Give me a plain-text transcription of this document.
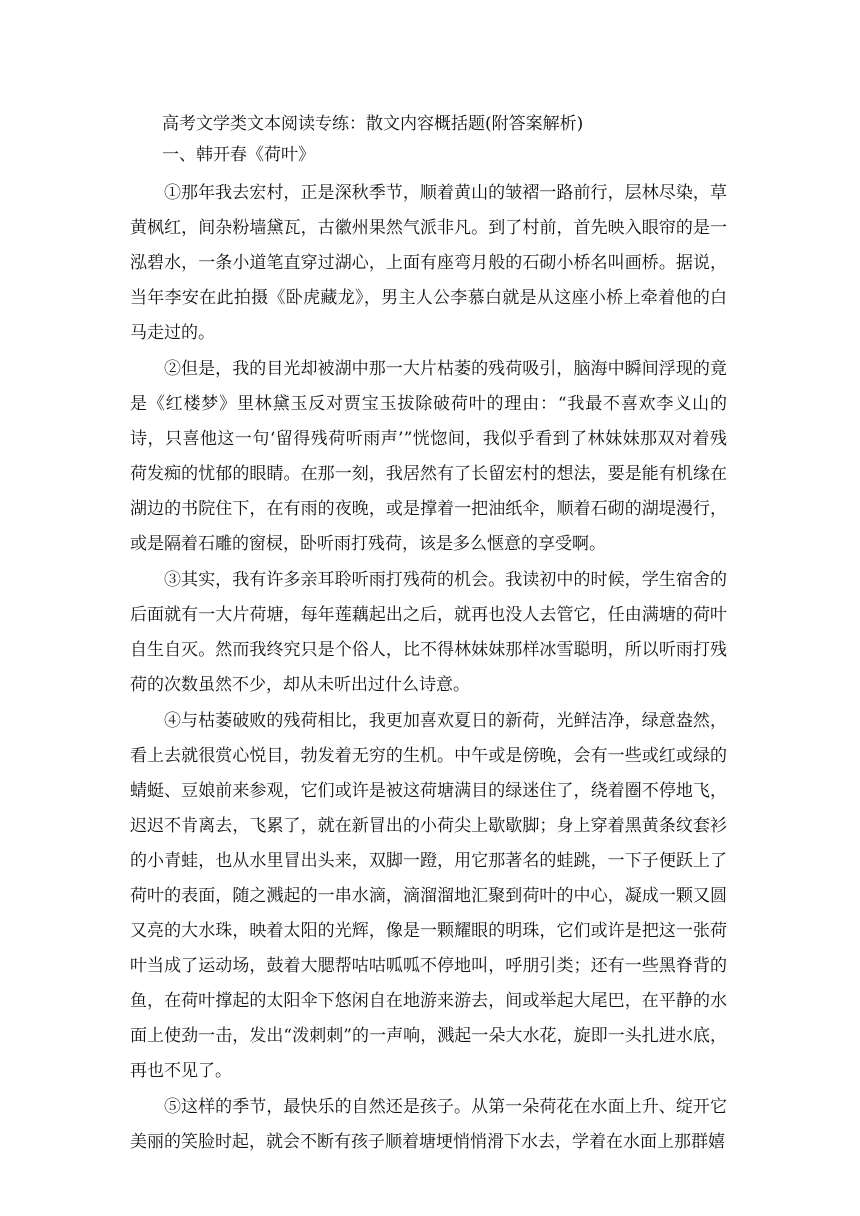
高考文学类文本阅读专练：散文内容概括题(附答案解析)

一、韩开春《荷叶》

①那年我去宏村，正是深秋季节，顺着黄山的皱褶一路前行，层林尽染，草黄枫红，间杂粉墙黛瓦，古徽州果然气派非凡。到了村前，首先映入眼帘的是一泓碧水，一条小道笔直穿过湖心，上面有座弯月般的石砌小桥名叫画桥。据说，当年李安在此拍摄《卧虎藏龙》，男主人公李慕白就是从这座小桥上牵着他的白马走过的。

②但是，我的目光却被湖中那一大片枯萎的残荷吸引，脑海中瞬间浮现的竟是《红楼梦》里林黛玉反对贾宝玉拔除破荷叶的理由：“我最不喜欢李义山的诗，只喜他这一句‘留得残荷听雨声’”恍惚间，我似乎看到了林妹妹那双对着残荷发痴的忧郁的眼睛。在那一刻，我居然有了长留宏村的想法，要是能有机缘在湖边的书院住下，在有雨的夜晚，或是撑着一把油纸伞，顺着石砌的湖堤漫行，或是隔着石雕的窗棂，卧听雨打残荷，该是多么惬意的享受啊。

③其实，我有许多亲耳聆听雨打残荷的机会。我读初中的时候，学生宿舍的后面就有一大片荷塘，每年莲藕起出之后，就再也没人去管它，任由满塘的荷叶自生自灭。然而我终究只是个俗人，比不得林妹妹那样冰雪聪明，所以听雨打残荷的次数虽然不少，却从未听出过什么诗意。

④与枯萎破败的残荷相比，我更加喜欢夏日的新荷，光鲜洁净，绿意盎然，看上去就很赏心悦目，勃发着无穷的生机。中午或是傍晚，会有一些或红或绿的蜻蜓、豆娘前来参观，它们或许是被这荷塘满目的绿迷住了，绕着圈不停地飞，迟迟不肯离去，飞累了，就在新冒出的小荷尖上歇歇脚；身上穿着黑黄条纹套衫的小青蛙，也从水里冒出头来，双脚一蹬，用它那著名的蛙跳，一下子便跃上了荷叶的表面，随之溅起的一串水滴，滴溜溜地汇聚到荷叶的中心，凝成一颗又圆又亮的大水珠，映着太阳的光辉，像是一颗耀眼的明珠，它们或许是把这一张荷叶当成了运动场，鼓着大腮帮咕咕呱呱不停地叫，呼朋引类；还有一些黑脊背的鱼，在荷叶撑起的太阳伞下悠闲自在地游来游去，间或举起大尾巴，在平静的水面上使劲一击，发出“泼刺刺”的一声响，溅起一朵大水花，旋即一头扎进水底，再也不见了。

⑤这样的季节，最快乐的自然还是孩子。从第一朵荷花在水面上升、绽开它美丽的笑脸时起，就会不断有孩子顺着塘埂悄悄滑下水去，学着在水面上那群嬉
